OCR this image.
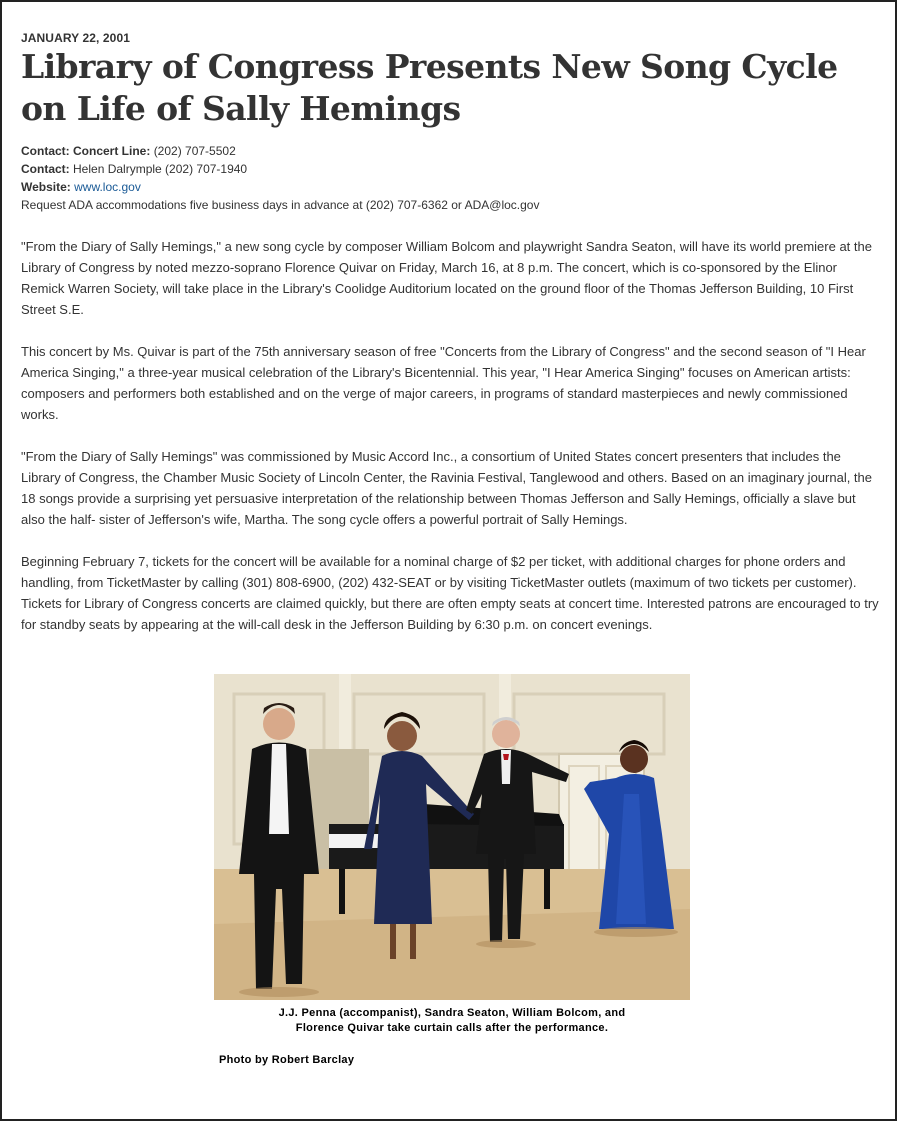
JANUARY 22, 2001
Library of Congress Presents New Song Cycle on Life of Sally Hemings
Contact: Concert Line: (202) 707-5502
Contact: Helen Dalrymple (202) 707-1940
Website: www.loc.gov
Request ADA accommodations five business days in advance at (202) 707-6362 or ADA@loc.gov

"From the Diary of Sally Hemings," a new song cycle by composer William Bolcom and playwright Sandra Seaton, will have its world premiere at the Library of Congress by noted mezzo-soprano Florence Quivar on Friday, March 16, at 8 p.m. The concert, which is co-sponsored by the Elinor Remick Warren Society, will take place in the Library's Coolidge Auditorium located on the ground floor of the Thomas Jefferson Building, 10 First Street S.E.

This concert by Ms. Quivar is part of the 75th anniversary season of free "Concerts from the Library of Congress" and the second season of "I Hear America Singing," a three-year musical celebration of the Library's Bicentennial. This year, "I Hear America Singing" focuses on American artists: composers and performers both established and on the verge of major careers, in programs of standard masterpieces and newly commissioned works.

"From the Diary of Sally Hemings" was commissioned by Music Accord Inc., a consortium of United States concert presenters that includes the Library of Congress, the Chamber Music Society of Lincoln Center, the Ravinia Festival, Tanglewood and others. Based on an imaginary journal, the 18 songs provide a surprising yet persuasive interpretation of the relationship between Thomas Jefferson and Sally Hemings, officially a slave but also the half- sister of Jefferson's wife, Martha. The song cycle offers a powerful portrait of Sally Hemings.

Beginning February 7, tickets for the concert will be available for a nominal charge of $2 per ticket, with additional charges for phone orders and handling, from TicketMaster by calling (301) 808-6900, (202) 432-SEAT or by visiting TicketMaster outlets (maximum of two tickets per customer). Tickets for Library of Congress concerts are claimed quickly, but there are often empty seats at concert time. Interested patrons are encouraged to try for standby seats by appearing at the will-call desk in the Jefferson Building by 6:30 p.m. on concert evenings.

J.J. Penna (accompanist), Sandra Seaton, William Bolcom, and
Florence Quivar take curtain calls after the performance.
Photo by Robert Barclay
